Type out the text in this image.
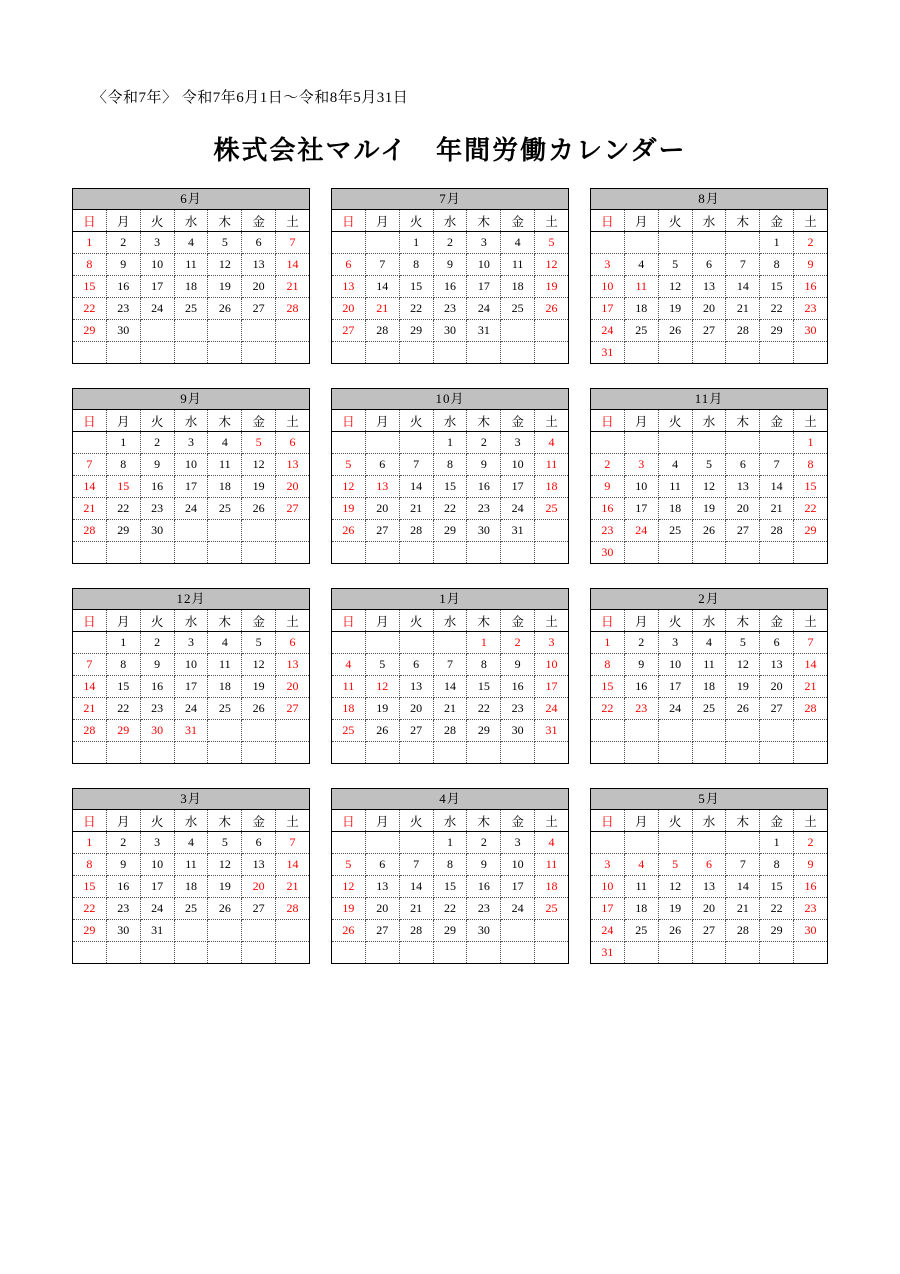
〈令和7年〉 令和7年6月1日〜令和8年5月31日
株式会社マルイ　年間労働カレンダー
6月
日	月	火	水	木	金	土
1	2	3	4	5	6	7
8	9	10	11	12	13	14
15	16	17	18	19	20	21
22	23	24	25	26	27	28
29	30					

7月
日	月	火	水	木	金	土
		1	2	3	4	5
6	7	8	9	10	11	12
13	14	15	16	17	18	19
20	21	22	23	24	25	26
27	28	29	30	31		

8月
日	月	火	水	木	金	土
					1	2
3	4	5	6	7	8	9
10	11	12	13	14	15	16
17	18	19	20	21	22	23
24	25	26	27	28	29	30
31						
9月
日	月	火	水	木	金	土
	1	2	3	4	5	6
7	8	9	10	11	12	13
14	15	16	17	18	19	20
21	22	23	24	25	26	27
28	29	30				

10月
日	月	火	水	木	金	土
			1	2	3	4
5	6	7	8	9	10	11
12	13	14	15	16	17	18
19	20	21	22	23	24	25
26	27	28	29	30	31	

11月
日	月	火	水	木	金	土
						1
2	3	4	5	6	7	8
9	10	11	12	13	14	15
16	17	18	19	20	21	22
23	24	25	26	27	28	29
30						
12月
日	月	火	水	木	金	土
	1	2	3	4	5	6
7	8	9	10	11	12	13
14	15	16	17	18	19	20
21	22	23	24	25	26	27
28	29	30	31			

1月
日	月	火	水	木	金	土
				1	2	3
4	5	6	7	8	9	10
11	12	13	14	15	16	17
18	19	20	21	22	23	24
25	26	27	28	29	30	31

2月
日	月	火	水	木	金	土
1	2	3	4	5	6	7
8	9	10	11	12	13	14
15	16	17	18	19	20	21
22	23	24	25	26	27	28

3月
日	月	火	水	木	金	土
1	2	3	4	5	6	7
8	9	10	11	12	13	14
15	16	17	18	19	20	21
22	23	24	25	26	27	28
29	30	31				

4月
日	月	火	水	木	金	土
			1	2	3	4
5	6	7	8	9	10	11
12	13	14	15	16	17	18
19	20	21	22	23	24	25
26	27	28	29	30		

5月
日	月	火	水	木	金	土
					1	2
3	4	5	6	7	8	9
10	11	12	13	14	15	16
17	18	19	20	21	22	23
24	25	26	27	28	29	30
31						
